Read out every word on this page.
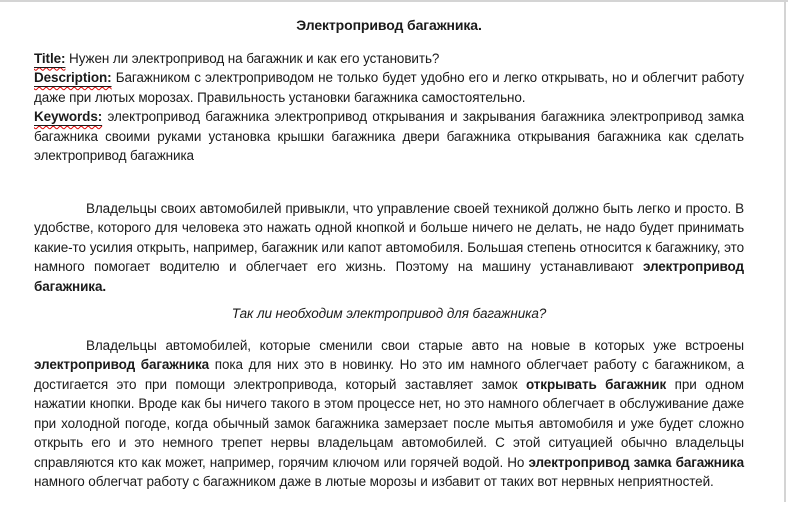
Электропривод багажника.

Title: Нужен ли электропривод на багажник и как его установить?

Description: Багажником с электроприводом не только будет удобно его и легко открывать, но и облегчит работу даже при лютых морозах. Правильность установки багажника самостоятельно.

Keywords: электропривод багажника электропривод открывания и закрывания багажника электропривод замка багажника своими руками установка крышки багажника двери багажника открывания багажника как сделать электропривод багажника

Владельцы своих автомобилей привыкли, что управление своей техникой должно быть легко и просто. В удобстве, которого для человека это нажать одной кнопкой и больше ничего не делать, не надо будет принимать какие-то усилия открыть, например, багажник или капот автомобиля. Большая степень относится к багажнику, это намного помогает водителю и облегчает его жизнь. Поэтому на машину устанавливают электропривод багажника.

Так ли необходим электропривод для багажника?

Владельцы автомобилей, которые сменили свои старые авто на новые в которых уже встроены электропривод багажника пока для них это в новинку. Но это им намного облегчает работу с багажником, а достигается это при помощи электропривода, который заставляет замок открывать багажник при одном нажатии кнопки. Вроде как бы ничего такого в этом процессе нет, но это намного облегчает в обслуживание даже при холодной погоде, когда обычный замок багажника замерзает после мытья автомобиля и уже будет сложно открыть его и это немного трепет нервы владельцам автомобилей. С этой ситуацией обычно владельцы справляются кто как может, например, горячим ключом или горячей водой. Но электропривод замка багажника намного облегчат работу с багажником даже в лютые морозы и избавит от таких вот нервных неприятностей.
